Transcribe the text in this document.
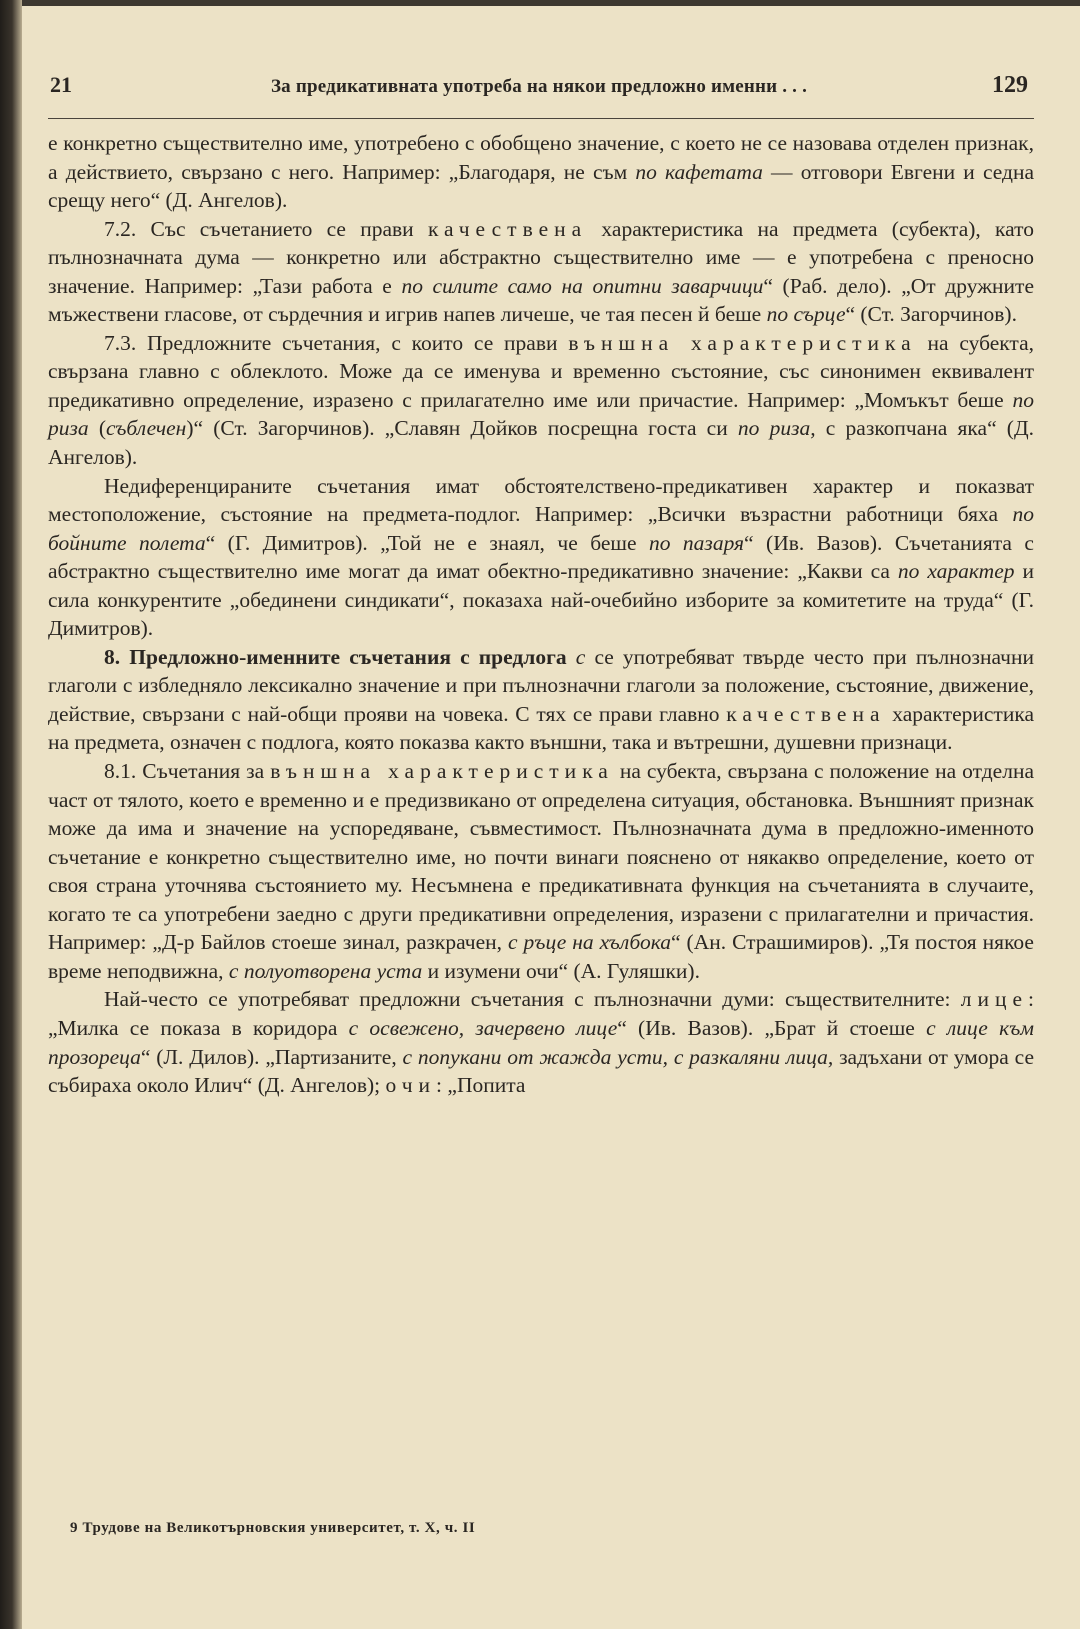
21	За предикативната употреба на някои предложно именни . . .	129

е конкретно съществително име, употребено с обобщено значение, с което не се назовава отделен признак, а действието, свързано с него. Например: „Благодаря, не съм по кафетата — отговори Евгени и седна срещу него“ (Д. Ангелов).

7.2. Със съчетанието се прави качествена характеристика на предмета (субекта), като пълнозначната дума — конкретно или абстрактно съществително име — е употребена с преносно значение. Например: „Тази работа е по силите само на опитни заварчици“ (Раб. дело). „От дружните мъжествени гласове, от сърдечния и игрив напев личеше, че тая песен й беше по сърце“ (Ст. Загорчинов).

7.3. Предложните съчетания, с които се прави външна характеристика на субекта, свързана главно с облеклото. Може да се именува и временно състояние, със синонимен еквивалент предикативно определение, изразено с прилагателно име или причастие. Например: „Момъкът беше по риза (съблечен)“ (Ст. Загорчинов). „Славян Дойков посрещна госта си по риза, с разкопчана яка“ (Д. Ангелов).

Недиференцираните съчетания имат обстоятелствено-предикативен характер и показват местоположение, състояние на предмета-подлог. Например: „Всички възрастни работници бяха по бойните полета“ (Г. Димитров). „Той не е знаял, че беше по пазаря“ (Ив. Вазов). Съчетанията с абстрактно съществително име могат да имат обектно-предикативно значение: „Какви са по характер и сила конкурентите „обединени синдикати“, показаха най-очебийно изборите за комитетите на труда“ (Г. Димитров).

8. Предложно-именните съчетания с предлога с се употребяват твърде често при пълнозначни глаголи с избледняло лексикално значение и при пълнозначни глаголи за положение, състояние, движение, действие, свързани с най-общи прояви на човека. С тях се прави главно качествена характеристика на предмета, означен с подлога, която показва както външни, така и вътрешни, душевни признаци.

8.1. Съчетания за външна характеристика на субекта, свързана с положение на отделна част от тялото, което е временно и е предизвикано от определена ситуация, обстановка. Външният признак може да има и значение на успоредяване, съвместимост. Пълнозначната дума в предложно-именното съчетание е конкретно съществително име, но почти винаги пояснено от някакво определение, което от своя страна уточнява състоянието му. Несъмнена е предикативната функция на съчетанията в случаите, когато те са употребени заедно с други предикативни определения, изразени с прилагателни и причастия. Например: „Д-р Байлов стоеше зинал, разкрачен, с ръце на хълбока“ (Ан. Страшимиров). „Тя постоя някое време неподвижна, с полуотворена уста и изумени очи“ (А. Гуляшки).

Най-често се употребяват предложни съчетания с пълнозначни думи: съществителните: лице: „Милка се показа в коридора с освежено, зачервено лице“ (Ив. Вазов). „Брат й стоеше с лице към прозореца“ (Л. Дилов). „Партизаните, с попукани от жажда усти, с разкаляни лица, задъхани от умора се събираха около Илич“ (Д. Ангелов); очи: „Попита

9 Трудове на Великотърновския университет, т. X, ч. II
